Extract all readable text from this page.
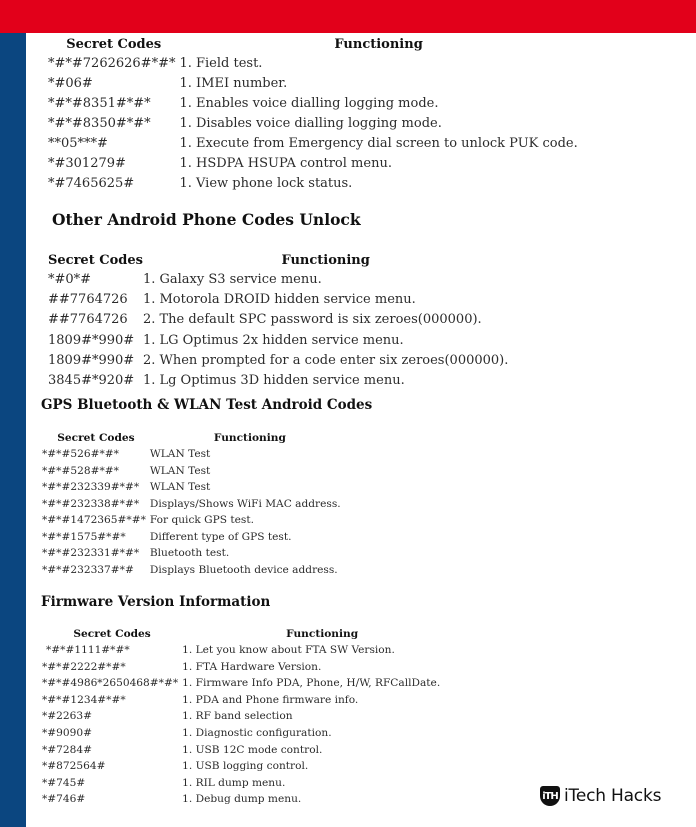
Secret Codes	Functioning
*#*#7262626#*#*	1. Field test.
*#06#	1. IMEI number.
*#*#8351#*#*	1. Enables voice dialling logging mode.
*#*#8350#*#*	1. Disables voice dialling logging mode.
**05***#	1. Execute from Emergency dial screen to unlock PUK code.
*#301279#	1. HSDPA HSUPA control menu.
*#7465625#	1. View phone lock status.
Other Android Phone Codes Unlock
Secret Codes	Functioning
*#0*#	1. Galaxy S3 service menu.
##7764726	1. Motorola DROID hidden service menu.
##7764726	2. The default SPC password is six zeroes(000000).
1809#*990#	1. LG Optimus 2x hidden service menu.
1809#*990#	2. When prompted for a code enter six zeroes(000000).
3845#*920#	1. Lg Optimus 3D hidden service menu.
GPS Bluetooth & WLAN Test Android Codes
Secret Codes	Functioning
*#*#526#*#*	WLAN Test
*#*#528#*#*	WLAN Test
*#*#232339#*#*	WLAN Test
*#*#232338#*#*	Displays/Shows WiFi MAC address.
*#*#1472365#*#*	For quick GPS test.
*#*#1575#*#*	Different type of GPS test.
*#*#232331#*#*	Bluetooth test.
*#*#232337#*#	Displays Bluetooth device address.
Firmware Version Information
Secret Codes	Functioning
*#*#1111#*#*	1. Let you know about FTA SW Version.
*#*#2222#*#*	1. FTA Hardware Version.
*#*#4986*2650468#*#*	1. Firmware Info PDA, Phone, H/W, RFCallDate.
*#*#1234#*#*	1. PDA and Phone firmware info.
*#2263#	1. RF band selection
*#9090#	1. Diagnostic configuration.
*#7284#	1. USB 12C mode control.
*#872564#	1. USB logging control.
*#745#	1. RIL dump menu.
*#746#	1. Debug dump menu.	iTH iTech Hacks
